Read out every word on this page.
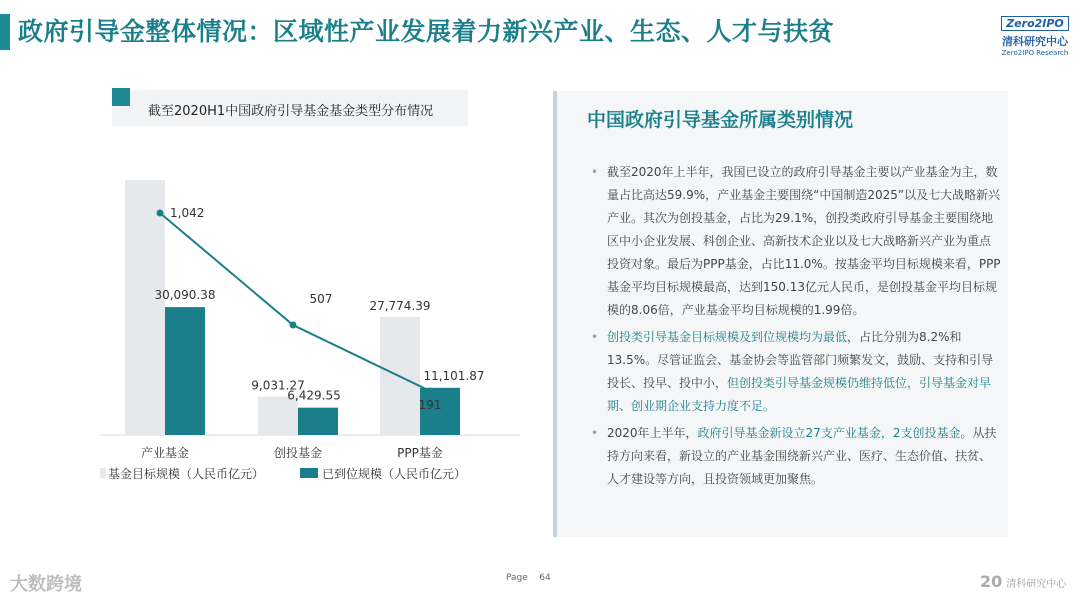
政府引导金整体情况：区域性产业发展着力新兴产业、生态、人才与扶贫	Zero2IPO
清科研究中心
Zero2IPO Research
截至2020H1中国政府引导基金基金类型分布情况
产业基金
30,090.38
创投基金
9,031.27
6,429.55
PPP基金
27,774.39
11,101.87
1,042
507
191
基金目标规模（人民币亿元）	已到位规模（人民币亿元）
中国政府引导基金所属类别情况
• 截至2020年上半年，我国已设立的政府引导基金主要以产业基金为主，数量占比高达59.9%，产业基金主要围绕“中国制造2025”以及七大战略新兴产业。其次为创投基金，占比为29.1%，创投类政府引导基金主要围绕地区中小企业发展、科创企业、高新技术企业以及七大战略新兴产业为重点投资对象。最后为PPP基金，占比11.0%。按基金平均目标规模来看，PPP基金平均目标规模最高，达到150.13亿元人民币，是创投基金平均目标规模的8.06倍，产业基金平均目标规模的1.99倍。
• 创投类引导基金目标规模及到位规模均为最低，占比分别为8.2%和13.5%。尽管证监会、基金协会等监管部门频繁发文，鼓励、支持和引导投长、投早、投中小，但创投类引导基金规模仍维持低位，引导基金对早期、创业期企业支持力度不足。
• 2020年上半年，政府引导基金新设立27支产业基金，2支创投基金。从扶持方向来看，新设立的产业基金围绕新兴产业、医疗、生态价值、扶贫、人才建设等方向，且投资领域更加聚焦。
Page 64
大数跨境	20 清科研究中心
